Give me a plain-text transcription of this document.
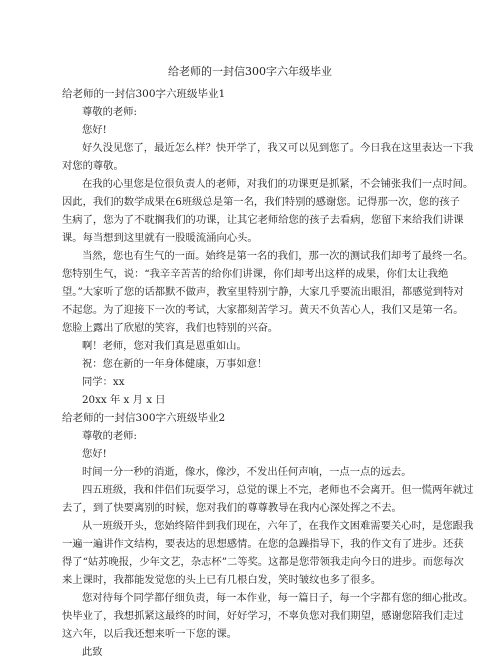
给老师的一封信300字六年级毕业
给老师的一封信300字六班级毕业1
尊敬的老师:
您好!
好久没见您了，最近怎么样？快开学了，我又可以见到您了。今日我在这里表达一下我
对您的尊敬。
在我的心里您是位很负责人的老师，对我们的功课更是抓紧，不会铺张我们一点时间。
因此，我们的数学成果在6班级总是第一名，我们特别的感谢您。记得那一次，您的孩子
生病了，您为了不耽搁我们的功课，让其它老师给您的孩子去看病，您留下来给我们讲课
课。每当想到这里就有一股暖流涌向心头。
当然，您也有生气的一面。始终是第一名的我们，那一次的测试我们却考了最终一名。
您特别生气，说：“我辛辛苦苦的给你们讲课，你们却考出这样的成果，你们太让我绝
望。”大家听了您的话都默不做声，教室里特别宁静，大家几乎要流出眼泪，都感觉到特对
不起您。为了迎接下一次的考试，大家都刻苦学习。黄天不负苦心人，我们又是第一名。
您脸上露出了欣慰的笑容，我们也特别的兴奋。
啊！老师，您对我们真是恩重如山。
祝：您在新的一年身体健康，万事如意！
同学：xx
20xx 年 x 月 x 日
给老师的一封信300字六班级毕业2
尊敬的老师:
您好!
时间一分一秒的消逝，像水，像沙，不发出任何声响，一点一点的远去。
四五班级，我和伴侣们玩耍学习，总觉的课上不完，老师也不会离开。但一慌两年就过
去了，到了快要离别的时候，您对我们的尊尊教导在我内心深处挥之不去。
从一班级开头，您始终陪伴到我们现在，六年了，在我作文困难需要关心时，是您跟我
一遍一遍讲作文结构，要表达的思想感情。在您的急躁指导下，我的作文有了进步。还获
得了“姑苏晚报，少年文艺，杂志杯”二等奖。这都是您带领我走向今日的进步。而您每次
来上课时，我都能发觉您的头上已有几根白发，笑时皱纹也多了很多。
您对待每个同学都仔细负责，每一本作业，每一篇日子，每一个字都有您的细心批改。
快毕业了，我想抓紧这最终的时间，好好学习，不辜负您对我们期望，感谢您陪我们走过
这六年，以后我还想来听一下您的课。
此致
